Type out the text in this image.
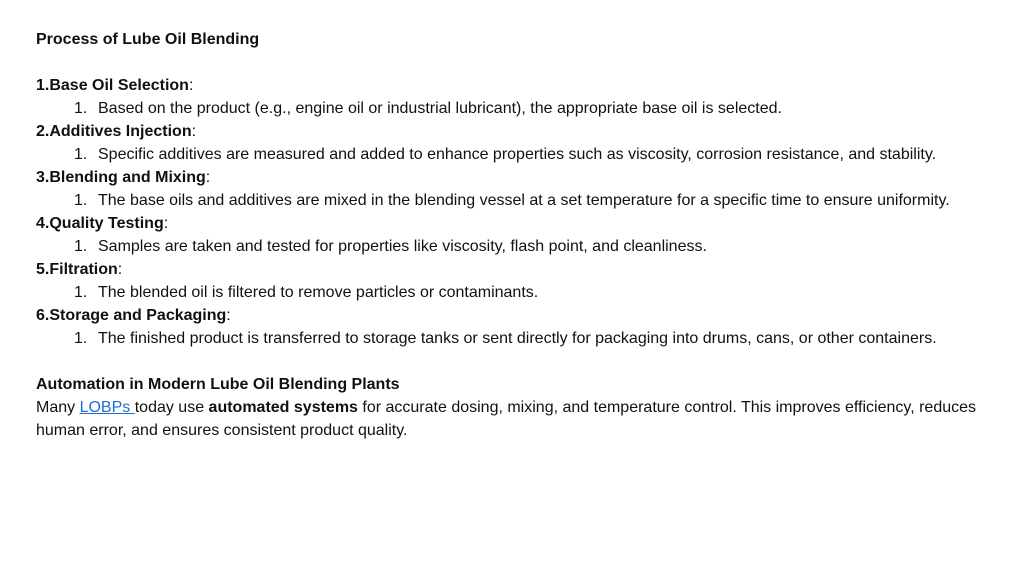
Process of Lube Oil Blending

1.Base Oil Selection:

1. Based on the product (e.g., engine oil or industrial lubricant), the appropriate base oil is selected.

2.Additives Injection:

1. Specific additives are measured and added to enhance properties such as viscosity, corrosion resistance, and stability.

3.Blending and Mixing:

1. The base oils and additives are mixed in the blending vessel at a set temperature for a specific time to ensure uniformity.

4.Quality Testing:

1. Samples are taken and tested for properties like viscosity, flash point, and cleanliness.

5.Filtration:

1. The blended oil is filtered to remove particles or contaminants.

6.Storage and Packaging:

1. The finished product is transferred to storage tanks or sent directly for packaging into drums, cans, or other containers.

Automation in Modern Lube Oil Blending Plants

Many LOBPs today use automated systems for accurate dosing, mixing, and temperature control. This improves efficiency, reduces human error, and ensures consistent product quality.
